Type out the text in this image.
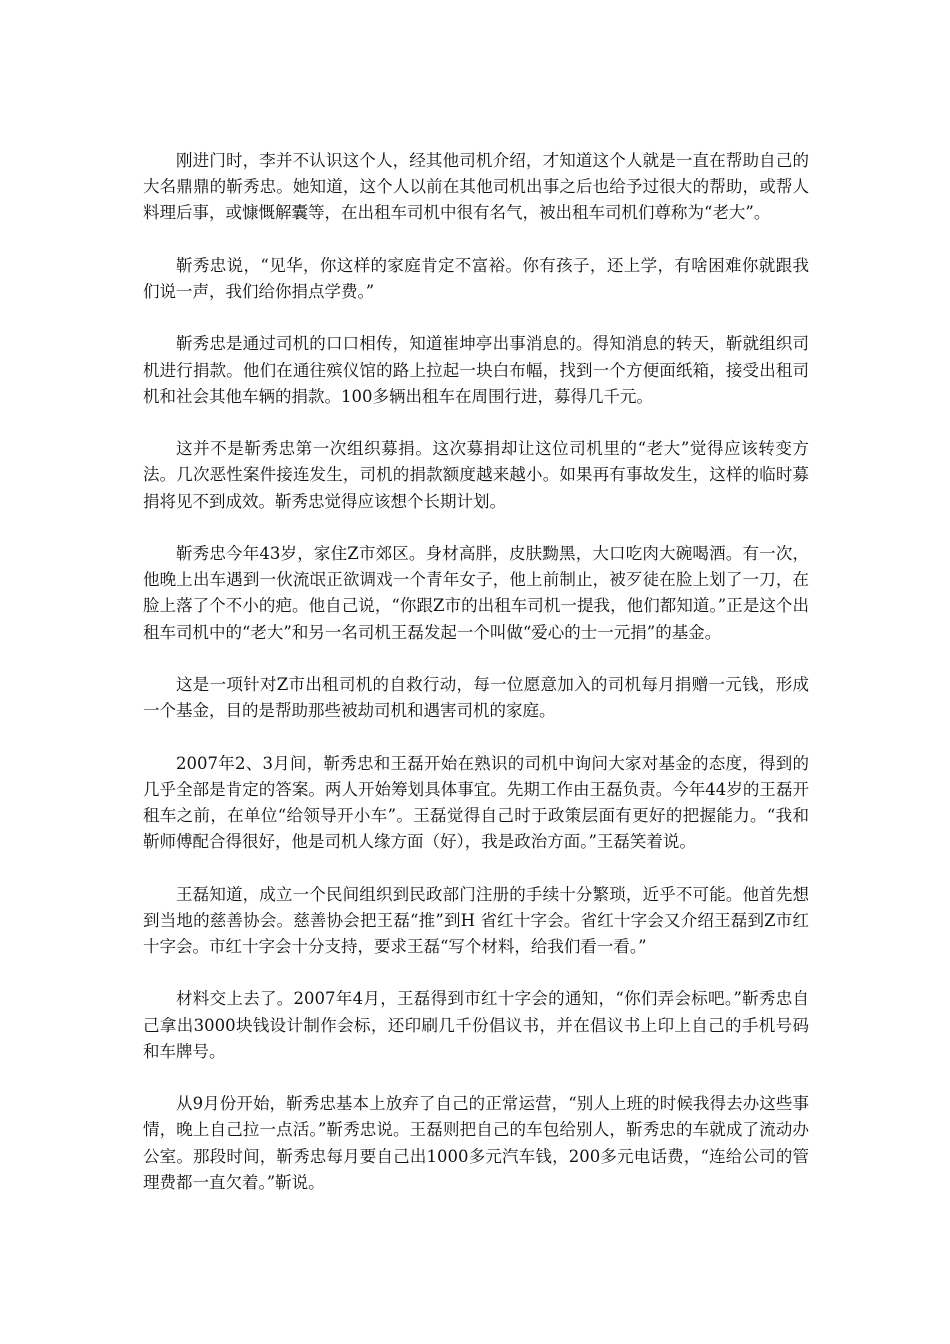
刚进门时，李并不认识这个人，经其他司机介绍，才知道这个人就是一直在帮助自己的大名鼎鼎的靳秀忠。她知道，这个人以前在其他司机出事之后也给予过很大的帮助，或帮人料理后事，或慷慨解囊等，在出租车司机中很有名气，被出租车司机们尊称为“老大”。

靳秀忠说，“见华，你这样的家庭肯定不富裕。你有孩子，还上学，有啥困难你就跟我们说一声，我们给你捐点学费。”

靳秀忠是通过司机的口口相传，知道崔坤亭出事消息的。得知消息的转天，靳就组织司机进行捐款。他们在通往殡仪馆的路上拉起一块白布幅，找到一个方便面纸箱，接受出租司机和社会其他车辆的捐款。100多辆出租车在周围行进，募得几千元。

这并不是靳秀忠第一次组织募捐。这次募捐却让这位司机里的“老大”觉得应该转变方法。几次恶性案件接连发生，司机的捐款额度越来越小。如果再有事故发生，这样的临时募捐将见不到成效。靳秀忠觉得应该想个长期计划。

靳秀忠今年43岁，家住Z市郊区。身材高胖，皮肤黝黑，大口吃肉大碗喝酒。有一次，他晚上出车遇到一伙流氓正欲调戏一个青年女子，他上前制止，被歹徒在脸上划了一刀，在脸上落了个不小的疤。他自己说，“你跟Z市的出租车司机一提我，他们都知道。”正是这个出租车司机中的“老大”和另一名司机王磊发起一个叫做“爱心的士一元捐”的基金。

这是一项针对Z市出租司机的自救行动，每一位愿意加入的司机每月捐赠一元钱，形成一个基金，目的是帮助那些被劫司机和遇害司机的家庭。

2007年2、3月间，靳秀忠和王磊开始在熟识的司机中询问大家对基金的态度，得到的几乎全部是肯定的答案。两人开始筹划具体事宜。先期工作由王磊负责。今年44岁的王磊开租车之前，在单位“给领导开小车”。王磊觉得自己时于政策层面有更好的把握能力。“我和靳师傅配合得很好，他是司机人缘方面（好），我是政治方面。”王磊笑着说。

王磊知道，成立一个民间组织到民政部门注册的手续十分繁琐，近乎不可能。他首先想到当地的慈善协会。慈善协会把王磊“推”到H 省红十字会。省红十字会又介绍王磊到Z市红十字会。市红十字会十分支持，要求王磊“写个材料，给我们看一看。”

材料交上去了。2007年4月，王磊得到市红十字会的通知，“你们弄会标吧。”靳秀忠自己拿出3000块钱设计制作会标，还印刷几千份倡议书，并在倡议书上印上自己的手机号码和车牌号。

从9月份开始，靳秀忠基本上放弃了自己的正常运营，“别人上班的时候我得去办这些事情，晚上自己拉一点活。”靳秀忠说。王磊则把自己的车包给别人，靳秀忠的车就成了流动办公室。那段时间，靳秀忠每月要自己出1000多元汽车钱，200多元电话费，“连给公司的管理费都一直欠着。”靳说。
